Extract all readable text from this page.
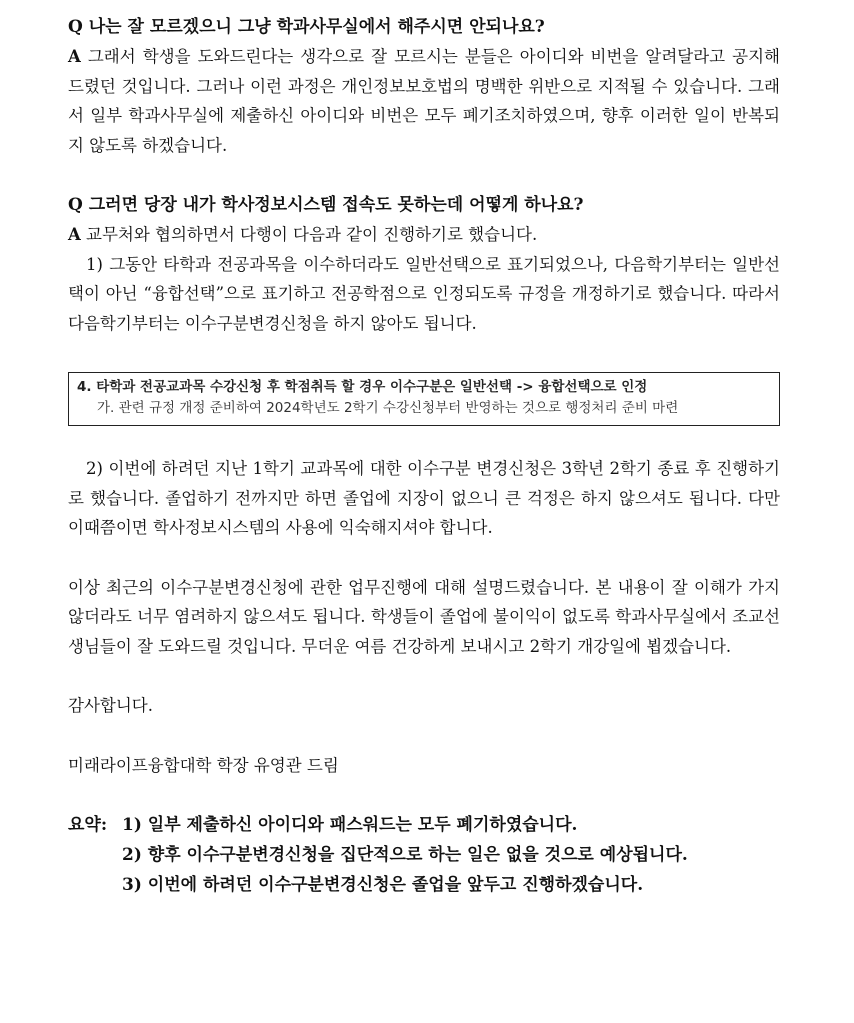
Q 나는 잘 모르겠으니 그냥 학과사무실에서 해주시면 안되나요?

A 그래서 학생을 도와드린다는 생각으로 잘 모르시는 분들은 아이디와 비번을 알려달라고 공지해 드렸던 것입니다. 그러나 이런 과정은 개인정보보호법의 명백한 위반으로 지적될 수 있습니다. 그래서 일부 학과사무실에 제출하신 아이디와 비번은 모두 폐기조치하였으며, 향후 이러한 일이 반복되지 않도록 하겠습니다.

Q 그러면 당장 내가 학사정보시스템 접속도 못하는데 어떻게 하나요?

A 교무처와 협의하면서 다행이 다음과 같이 진행하기로 했습니다.

1) 그동안 타학과 전공과목을 이수하더라도 일반선택으로 표기되었으나, 다음학기부터는 일반선택이 아닌 “융합선택”으로 표기하고 전공학점으로 인정되도록 규정을 개정하기로 했습니다. 따라서 다음학기부터는 이수구분변경신청을 하지 않아도 됩니다.

4. 타학과 전공교과목 수강신청 후 학점취득 할 경우 이수구분은 일반선택 -> 융합선택으로 인정
가. 관련 규정 개정 준비하여 2024학년도 2학기 수강신청부터 반영하는 것으로 행정처리 준비 마련

2) 이번에 하려던 지난 1학기 교과목에 대한 이수구분 변경신청은 3학년 2학기 종료 후 진행하기로 했습니다. 졸업하기 전까지만 하면 졸업에 지장이 없으니 큰 걱정은 하지 않으셔도 됩니다. 다만 이때쯤이면 학사정보시스템의 사용에 익숙해지셔야 합니다.

이상 최근의 이수구분변경신청에 관한 업무진행에 대해 설명드렸습니다. 본 내용이 잘 이해가 가지 않더라도 너무 염려하지 않으셔도 됩니다. 학생들이 졸업에 불이익이 없도록 학과사무실에서 조교선생님들이 잘 도와드릴 것입니다. 무더운 여름 건강하게 보내시고 2학기 개강일에 뵙겠습니다.

감사합니다.

미래라이프융합대학 학장 유영관 드림

요약: 1) 일부 제출하신 아이디와 패스워드는 모두 폐기하였습니다.
2) 향후 이수구분변경신청을 집단적으로 하는 일은 없을 것으로 예상됩니다.
3) 이번에 하려던 이수구분변경신청은 졸업을 앞두고 진행하겠습니다.
